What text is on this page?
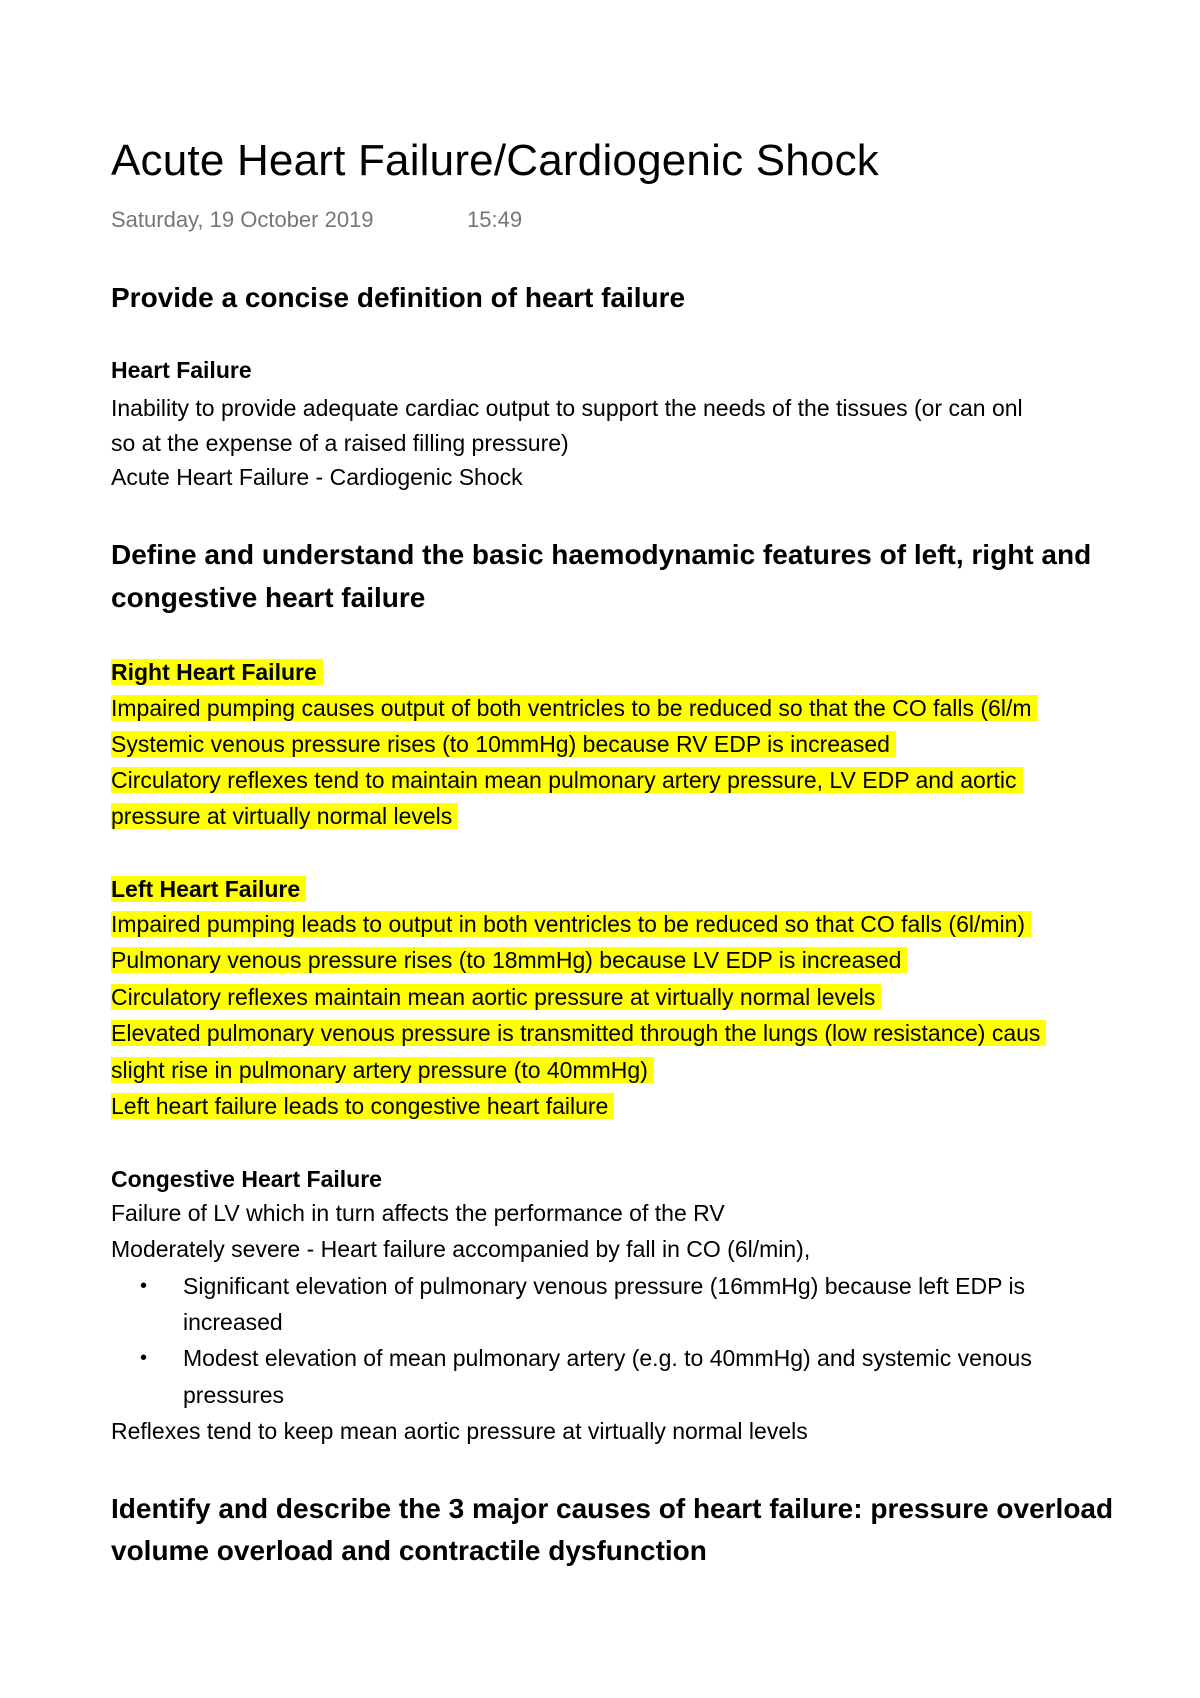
Acute Heart Failure/Cardiogenic Shock
Saturday, 19 October 2019	15:49
Provide a concise definition of heart failure
Heart Failure

Inability to provide adequate cardiac output to support the needs of the tissues (or can onl

so at the expense of a raised filling pressure)

Acute Heart Failure - Cardiogenic Shock

Define and understand the basic haemodynamic features of left, right and
congestive heart failure
Right Heart Failure

Impaired pumping causes output of both ventricles to be reduced so that the CO falls (6l/m

Systemic venous pressure rises (to 10mmHg) because RV EDP is increased

Circulatory reflexes tend to maintain mean pulmonary artery pressure, LV EDP and aortic

pressure at virtually normal levels

Left Heart Failure

Impaired pumping leads to output in both ventricles to be reduced so that CO falls (6l/min)

Pulmonary venous pressure rises (to 18mmHg) because LV EDP is increased

Circulatory reflexes maintain mean aortic pressure at virtually normal levels

Elevated pulmonary venous pressure is transmitted through the lungs (low resistance) caus

slight rise in pulmonary artery pressure (to 40mmHg)

Left heart failure leads to congestive heart failure

Congestive Heart Failure

Failure of LV which in turn affects the performance of the RV

Moderately severe - Heart failure accompanied by fall in CO (6l/min),

• Significant elevation of pulmonary venous pressure (16mmHg) because left EDP is

increased

• Modest elevation of mean pulmonary artery (e.g. to 40mmHg) and systemic venous

pressures

Reflexes tend to keep mean aortic pressure at virtually normal levels

Identify and describe the 3 major causes of heart failure: pressure overload
volume overload and contractile dysfunction
